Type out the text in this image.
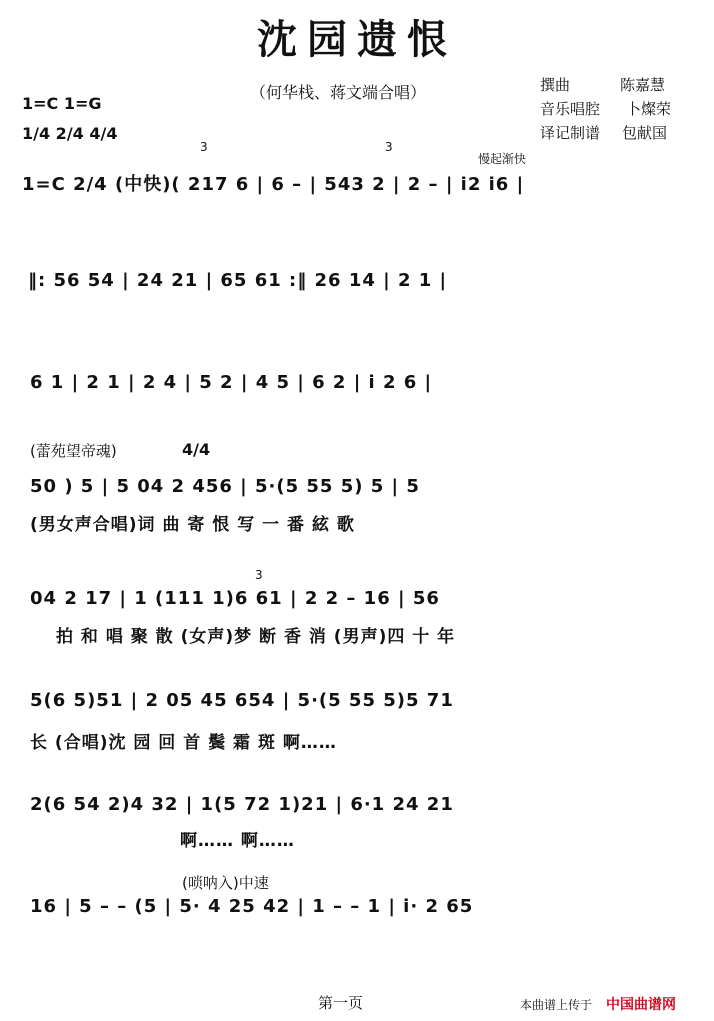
沈园遗恨
（何华栈、蒋文端合唱）	撰曲	陈嘉慧
音乐唱腔 卜燦荣
译记制谱 包献国
1=C 1=G
1/4 2/4 4/4
3	3
慢起渐快
1=C 2/4 (中快)( 217 6 | 6 – | 543 2 | 2 – | i2 i6 |
‖: 56 54 | 24 21 | 65 61 :‖ 26 14 | 2 1 |
6 1 | 2 1 | 2 4 | 5 2 | 4 5 | 6 2 | i 2 6 |
(蕾苑望帝魂)	4/4
50 ) 5 | 5 04 2 456 | 5·(5 55 5) 5 | 5
(男女声合唱)词 曲 寄 恨 写 一 番 絃 歌
3
04 2 17 | 1 (111 1)6 61 | 2 2 – 16 | 56
拍 和 唱 聚 散 (女声)梦 断 香 消 (男声)四 十 年
5(6 5)51 | 2 05 45 654 | 5·(5 55 5)5 71
长 (合唱)沈 园 回 首 鬓 霜 斑 啊……
2(6 54 2)4 32 | 1(5 72 1)21 | 6·1 24 21
啊…… 啊……
(唢呐入)中速
16 | 5 – – (5 | 5· 4 25 42 | 1 – – 1 | i· 2 65
第一页	本曲谱上传于 中国曲谱网
